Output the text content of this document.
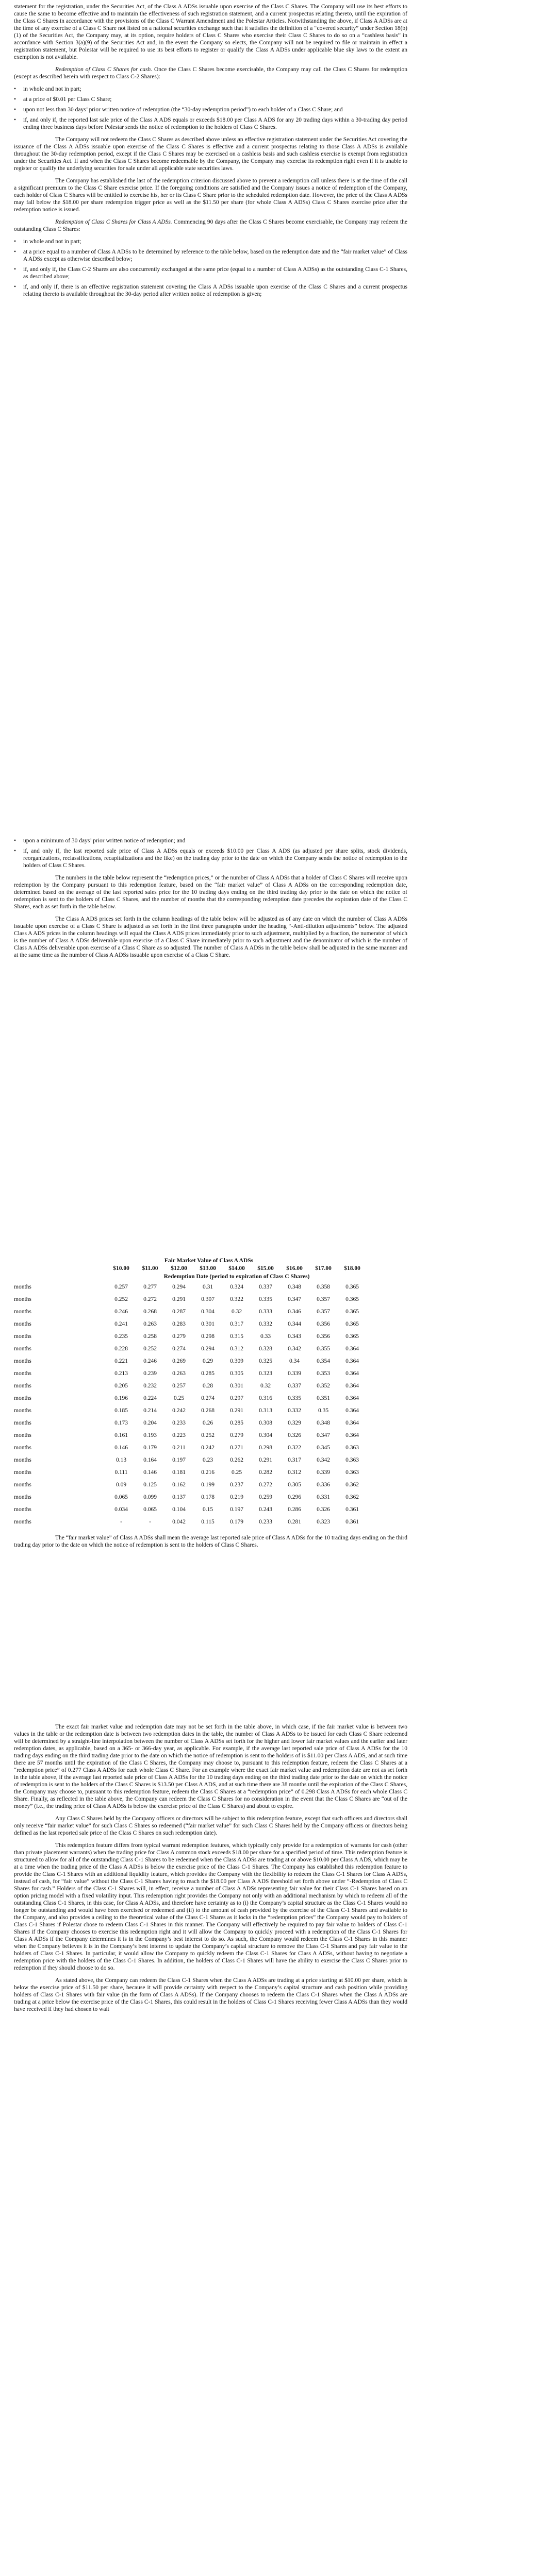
statement for the registration, under the Securities Act, of the Class A ADSs issuable upon exercise of the Class C Shares. The Company will use its best efforts to cause the same to become effective and to maintain the effectiveness of such registration statement, and a current prospectus relating thereto, until the expiration of the Class C Shares in accordance with the provisions of the Class C Warrant Amendment and the Polestar Articles. Notwithstanding the above, if Class A ADSs are at the time of any exercise of a Class C Share not listed on a national securities exchange such that it satisfies the definition of a “covered security” under Section 18(b)(1) of the Securities Act, the Company may, at its option, require holders of Class C Shares who exercise their Class C Shares to do so on a “cashless basis” in accordance with Section 3(a)(9) of the Securities Act and, in the event the Company so elects, the Company will not be required to file or maintain in effect a registration statement, but Polestar will be required to use its best efforts to register or qualify the Class A ADSs under applicable blue sky laws to the extent an exemption is not available.

Redemption of Class C Shares for cash. Once the Class C Shares become exercisable, the Company may call the Class C Shares for redemption (except as described herein with respect to Class C-2 Shares):

• in whole and not in part;
• at a price of $0.01 per Class C Share;
• upon not less than 30 days’ prior written notice of redemption (the “30-day redemption period”) to each holder of a Class C Share; and
• if, and only if, the reported last sale price of the Class A ADS equals or exceeds $18.00 per Class A ADS for any 20 trading days within a 30-trading day period ending three business days before Polestar sends the notice of redemption to the holders of Class C Shares.

The Company will not redeem the Class C Shares as described above unless an effective registration statement under the Securities Act covering the issuance of the Class A ADSs issuable upon exercise of the Class C Shares is effective and a current prospectus relating to those Class A ADSs is available throughout the 30-day redemption period, except if the Class C Shares may be exercised on a cashless basis and such cashless exercise is exempt from registration under the Securities Act. If and when the Class C Shares become redeemable by the Company, the Company may exercise its redemption right even if it is unable to register or qualify the underlying securities for sale under all applicable state securities laws.

The Company has established the last of the redemption criterion discussed above to prevent a redemption call unless there is at the time of the call a significant premium to the Class C Share exercise price. If the foregoing conditions are satisfied and the Company issues a notice of redemption of the Company, each holder of Class C Shares will be entitled to exercise his, her or its Class C Share prior to the scheduled redemption date. However, the price of the Class A ADSs may fall below the $18.00 per share redemption trigger price as well as the $11.50 per share (for whole Class A ADSs) Class C Shares exercise price after the redemption notice is issued.

Redemption of Class C Shares for Class A ADSs. Commencing 90 days after the Class C Shares become exercisable, the Company may redeem the outstanding Class C Shares:

• in whole and not in part;
• at a price equal to a number of Class A ADSs to be determined by reference to the table below, based on the redemption date and the “fair market value” of Class A ADSs except as otherwise described below;
• if, and only if, the Class C-2 Shares are also concurrently exchanged at the same price (equal to a number of Class A ADSs) as the outstanding Class C-1 Shares, as described above;
• if, and only if, there is an effective registration statement covering the Class A ADSs issuable upon exercise of the Class C Shares and a current prospectus relating thereto is available throughout the 30-day period after written notice of redemption is given;
• upon a minimum of 30 days’ prior written notice of redemption; and
• if, and only if, the last reported sale price of Class A ADSs equals or exceeds $10.00 per Class A ADS (as adjusted per share splits, stock dividends, reorganizations, reclassifications, recapitalizations and the like) on the trading day prior to the date on which the Company sends the notice of redemption to the holders of Class C Shares.

The numbers in the table below represent the “redemption prices,” or the number of Class A ADSs that a holder of Class C Shares will receive upon redemption by the Company pursuant to this redemption feature, based on the “fair market value” of Class A ADSs on the corresponding redemption date, determined based on the average of the last reported sales price for the 10 trading days ending on the third trading day prior to the date on which the notice of redemption is sent to the holders of Class C Shares, and the number of months that the corresponding redemption date precedes the expiration date of the Class C Shares, each as set forth in the table below.

The Class A ADS prices set forth in the column headings of the table below will be adjusted as of any date on which the number of Class A ADSs issuable upon exercise of a Class C Share is adjusted as set forth in the first three paragraphs under the heading “-Anti-dilution adjustments” below. The adjusted Class A ADS prices in the column headings will equal the Class A ADS prices immediately prior to such adjustment, multiplied by a fraction, the numerator of which is the number of Class A ADSs deliverable upon exercise of a Class C Share immediately prior to such adjustment and the denominator of which is the number of Class A ADSs deliverable upon exercise of a Class C Share as so adjusted. The number of Class A ADSs in the table below shall be adjusted in the same manner and at the same time as the number of Class A ADSs issuable upon exercise of a Class C Share.

Fair Market Value of Class A ADSs
	$10.00	$11.00	$12.00	$13.00	$14.00	$15.00	$16.00	$17.00	$18.00
	Redemption Date (period to expiration of Class C Shares)								
months	0.257	0.277	0.294	0.31	0.324	0.337	0.348	0.358	0.365
months	0.252	0.272	0.291	0.307	0.322	0.335	0.347	0.357	0.365
months	0.246	0.268	0.287	0.304	0.32	0.333	0.346	0.357	0.365
months	0.241	0.263	0.283	0.301	0.317	0.332	0.344	0.356	0.365
months	0.235	0.258	0.279	0.298	0.315	0.33	0.343	0.356	0.365
months	0.228	0.252	0.274	0.294	0.312	0.328	0.342	0.355	0.364
months	0.221	0.246	0.269	0.29	0.309	0.325	0.34	0.354	0.364
months	0.213	0.239	0.263	0.285	0.305	0.323	0.339	0.353	0.364
months	0.205	0.232	0.257	0.28	0.301	0.32	0.337	0.352	0.364
months	0.196	0.224	0.25	0.274	0.297	0.316	0.335	0.351	0.364
months	0.185	0.214	0.242	0.268	0.291	0.313	0.332	0.35	0.364
months	0.173	0.204	0.233	0.26	0.285	0.308	0.329	0.348	0.364
months	0.161	0.193	0.223	0.252	0.279	0.304	0.326	0.347	0.364
months	0.146	0.179	0.211	0.242	0.271	0.298	0.322	0.345	0.363
months	0.13	0.164	0.197	0.23	0.262	0.291	0.317	0.342	0.363
months	0.111	0.146	0.181	0.216	0.25	0.282	0.312	0.339	0.363
months	0.09	0.125	0.162	0.199	0.237	0.272	0.305	0.336	0.362
months	0.065	0.099	0.137	0.178	0.219	0.259	0.296	0.331	0.362
months	0.034	0.065	0.104	0.15	0.197	0.243	0.286	0.326	0.361
months	-	-	0.042	0.115	0.179	0.233	0.281	0.323	0.361

The “fair market value” of Class A ADSs shall mean the average last reported sale price of Class A ADSs for the 10 trading days ending on the third trading day prior to the date on which the notice of redemption is sent to the holders of Class C Shares.

The exact fair market value and redemption date may not be set forth in the table above, in which case, if the fair market value is between two values in the table or the redemption date is between two redemption dates in the table, the number of Class A ADSs to be issued for each Class C Share redeemed will be determined by a straight-line interpolation between the number of Class A ADSs set forth for the higher and lower fair market values and the earlier and later redemption dates, as applicable, based on a 365- or 366-day year, as applicable. For example, if the average last reported sale price of Class A ADSs for the 10 trading days ending on the third trading date prior to the date on which the notice of redemption is sent to the holders of is $11.00 per Class A ADS, and at such time there are 57 months until the expiration of the Class C Shares, the Company may choose to, pursuant to this redemption feature, redeem the Class C Shares at a “redemption price” of 0.277 Class A ADSs for each whole Class C Share. For an example where the exact fair market value and redemption date are not as set forth in the table above, if the average last reported sale price of Class A ADSs for the 10 trading days ending on the third trading date prior to the date on which the notice of redemption is sent to the holders of the Class C Shares is $13.50 per Class A ADS, and at such time there are 38 months until the expiration of the Class C Shares, the Company may choose to, pursuant to this redemption feature, redeem the Class C Shares at a “redemption price” of 0.298 Class A ADSs for each whole Class C Share. Finally, as reflected in the table above, the Company can redeem the Class C Shares for no consideration in the event that the Class C Shares are “out of the money” (i.e., the trading price of Class A ADSs is below the exercise price of the Class C Shares) and about to expire.

Any Class C Shares held by the Company officers or directors will be subject to this redemption feature, except that such officers and directors shall only receive “fair market value” for such Class C Shares so redeemed (“fair market value” for such Class C Shares held by the Company officers or directors being defined as the last reported sale price of the Class C Shares on such redemption date).

This redemption feature differs from typical warrant redemption features, which typically only provide for a redemption of warrants for cash (other than private placement warrants) when the trading price for Class A common stock exceeds $18.00 per share for a specified period of time. This redemption feature is structured to allow for all of the outstanding Class C-1 Shares to be redeemed when the Class A ADSs are trading at or above $10.00 per Class A ADS, which may be at a time when the trading price of the Class A ADSs is below the exercise price of the Class C-1 Shares. The Company has established this redemption feature to provide the Class C-1 Shares with an additional liquidity feature, which provides the Company with the flexibility to redeem the Class C-1 Shares for Class A ADSs, instead of cash, for “fair value” without the Class C-1 Shares having to reach the $18.00 per Class A ADS threshold set forth above under “-Redemption of Class C Shares for cash.” Holders of the Class C-1 Shares will, in effect, receive a number of Class A ADSs representing fair value for their Class C-1 Shares based on an option pricing model with a fixed volatility input. This redemption right provides the Company not only with an additional mechanism by which to redeem all of the outstanding Class C-1 Shares, in this case, for Class A ADSs, and therefore have certainty as to (i) the Company’s capital structure as the Class C-1 Shares would no longer be outstanding and would have been exercised or redeemed and (ii) to the amount of cash provided by the exercise of the Class C-1 Shares and available to the Company, and also provides a ceiling to the theoretical value of the Class C-1 Shares as it locks in the “redemption prices” the Company would pay to holders of Class C-1 Shares if Polestar chose to redeem Class C-1 Shares in this manner. The Company will effectively be required to pay fair value to holders of Class C-1 Shares if the Company chooses to exercise this redemption right and it will allow the Company to quickly proceed with a redemption of the Class C-1 Shares for Class A ADSs if the Company determines it is in the Company’s best interest to do so. As such, the Company would redeem the Class C-1 Shares in this manner when the Company believes it is in the Company’s best interest to update the Company’s capital structure to remove the Class C-1 Shares and pay fair value to the holders of Class C-1 Shares. In particular, it would allow the Company to quickly redeem the Class C-1 Shares for Class A ADSs, without having to negotiate a redemption price with the holders of the Class C-1 Shares. In addition, the holders of Class C-1 Shares will have the ability to exercise the Class C Shares prior to redemption if they should choose to do so.

As stated above, the Company can redeem the Class C-1 Shares when the Class A ADSs are trading at a price starting at $10.00 per share, which is below the exercise price of $11.50 per share, because it will provide certainty with respect to the Company’s capital structure and cash position while providing holders of Class C-1 Shares with fair value (in the form of Class A ADSs). If the Company chooses to redeem the Class C-1 Shares when the Class A ADSs are trading at a price below the exercise price of the Class C-1 Shares, this could result in the holders of Class C-1 Shares receiving fewer Class A ADSs than they would have received if they had chosen to wait
